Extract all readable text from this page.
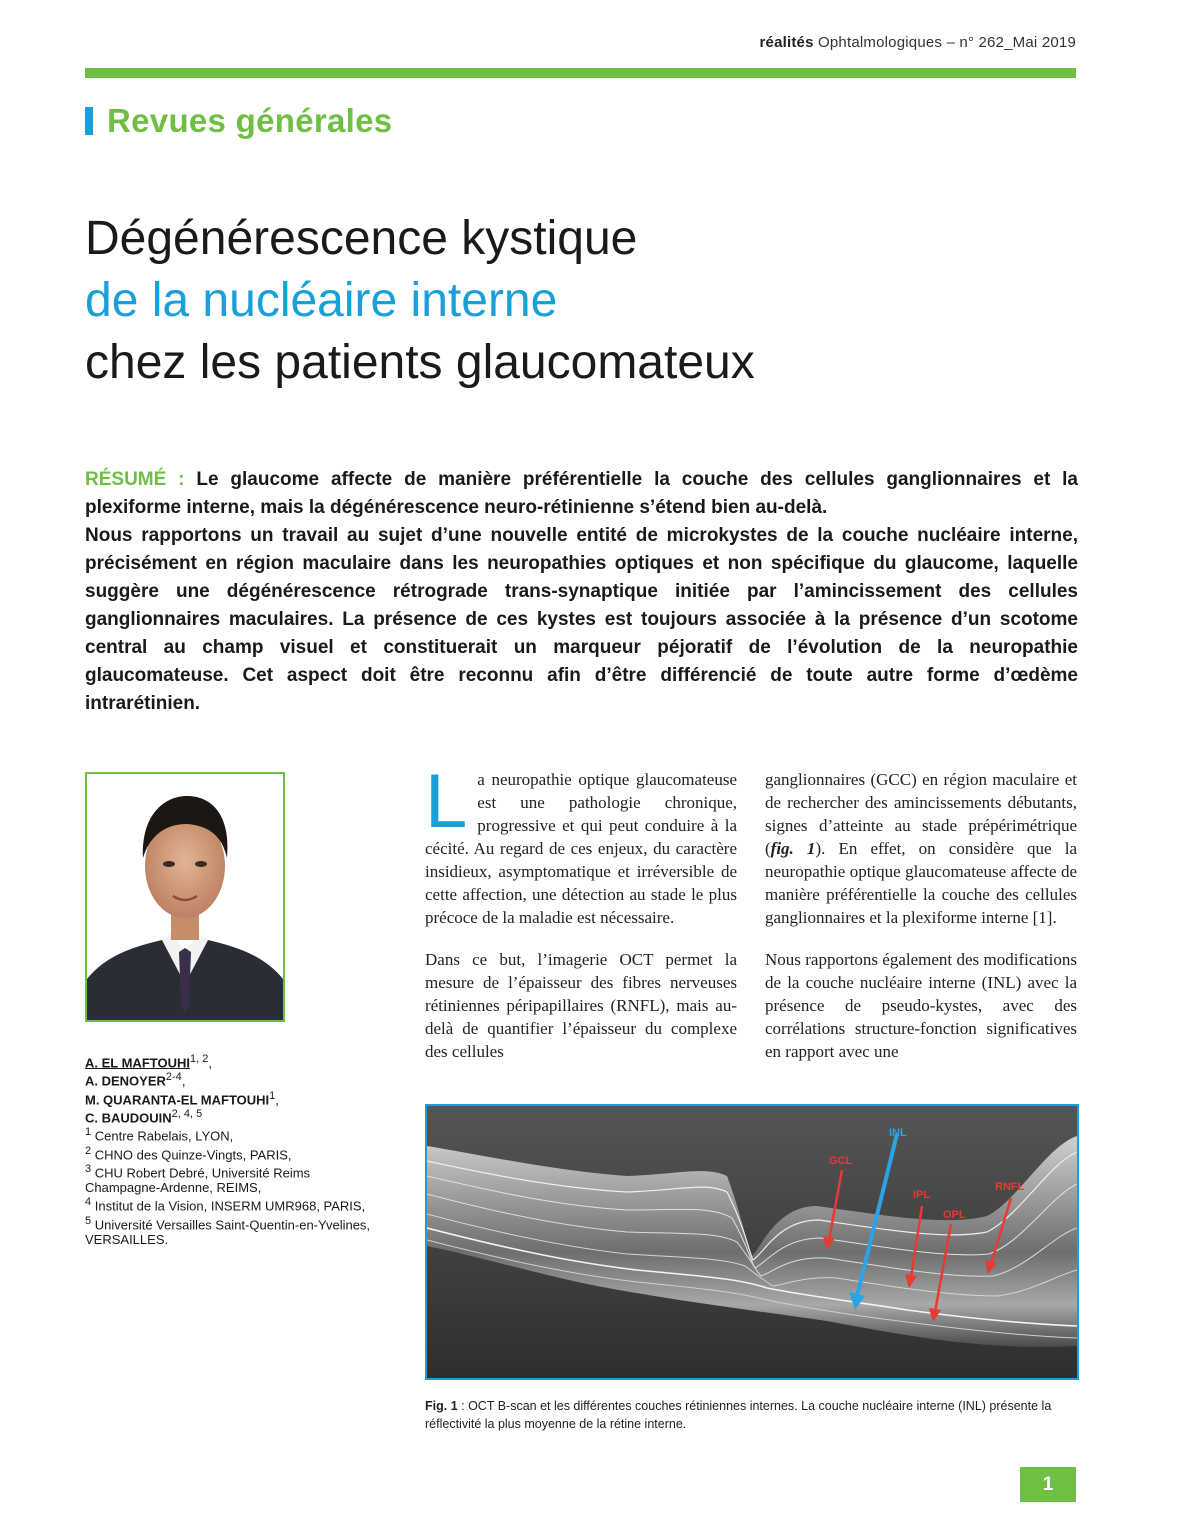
réalités Ophtalmologiques – n° 262_Mai 2019
Revues générales
Dégénérescence kystique
de la nucléaire interne
chez les patients glaucomateux

RÉSUMÉ : Le glaucome affecte de manière préférentielle la couche des cellules ganglionnaires et la plexiforme interne, mais la dégénérescence neuro-rétinienne s’étend bien au-delà.

Nous rapportons un travail au sujet d’une nouvelle entité de microkystes de la couche nucléaire interne, précisément en région maculaire dans les neuropathies optiques et non spécifique du glaucome, laquelle suggère une dégénérescence rétrograde trans-synaptique initiée par l’amincissement des cellules ganglionnaires maculaires. La présence de ces kystes est toujours associée à la présence d’un scotome central au champ visuel et constituerait un marqueur péjoratif de l’évolution de la neuropathie glaucomateuse. Cet aspect doit être reconnu afin d’être différencié de toute autre forme d’œdème intrarétinien.

A. EL MAFTOUHI$^{1, 2}$,
A. DENOYER$^{2-4}$,
M. QUARANTA-EL MAFTOUHI$^1$,
C. BAUDOUIN$^{2, 4, 5}$
$^1$ Centre Rabelais, LYON,
$^2$ CHNO des Quinze-Vingts, PARIS,
$^3$ CHU Robert Debré, Université Reims Champagne-Ardenne, REIMS,
$^4$ Institut de la Vision, INSERM UMR968, PARIS,
$^5$ Université Versailles Saint-Quentin-en-Yvelines, VERSAILLES.

La neuropathie optique glaucomateuse est une pathologie chronique, progressive et qui peut conduire à la cécité. Au regard de ces enjeux, du caractère insidieux, asymptomatique et irréversible de cette affection, une détection au stade le plus précoce de la maladie est nécessaire.

Dans ce but, l’imagerie OCT permet la mesure de l’épaisseur des fibres nerveuses rétiniennes péripapillaires (RNFL), mais au-delà de quantifier l’épaisseur du complexe des cellules

ganglionnaires (GCC) en région maculaire et de rechercher des amincissements débutants, signes d’atteinte au stade prépérimétrique (fig. 1). En effet, on considère que la neuropathie optique glaucomateuse affecte de manière préférentielle la couche des cellules ganglionnaires et la plexiforme interne [1].

Nous rapportons également des modifications de la couche nucléaire interne (INL) avec la présence de pseudo-kystes, avec des corrélations structure-fonction significatives en rapport avec une

INL
GCL
IPL
RNFL
OPL
Fig. 1 : OCT B-scan et les différentes couches rétiniennes internes. La couche nucléaire interne (INL) présente la réflectivité la plus moyenne de la rétine interne.
1
